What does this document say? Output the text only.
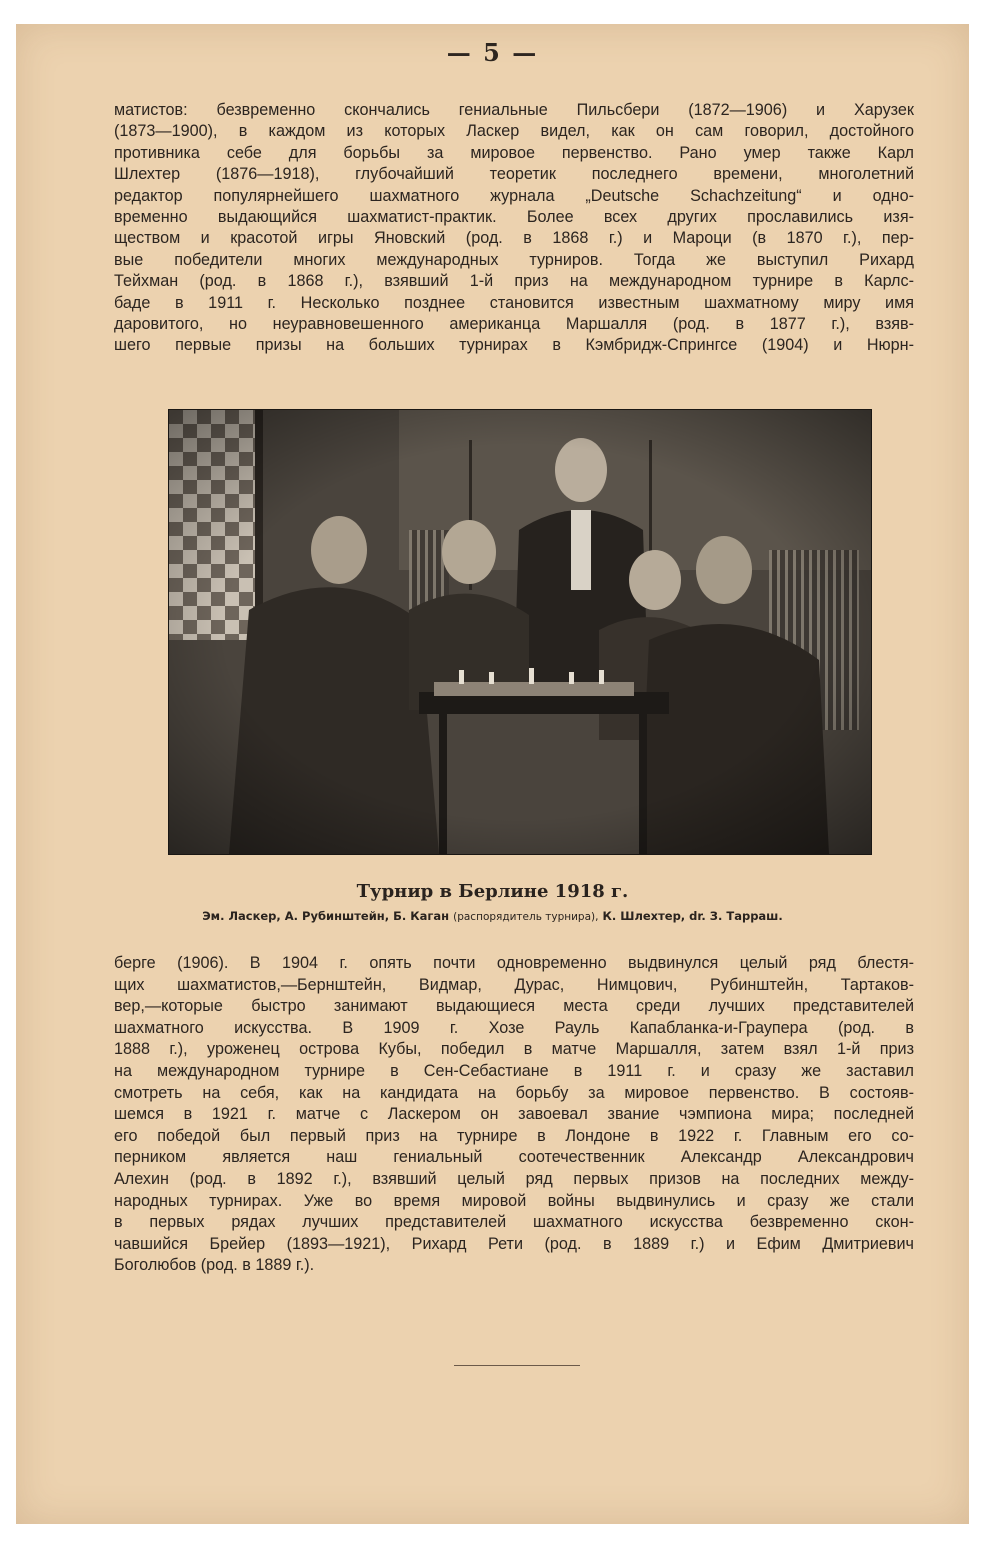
— 5 —
матистов: безвременно скончались гениальные Пильсбери (1872—1906) и Харузек
(1873—1900), в каждом из которых Ласкер видел, как он сам говорил, достойного
противника себе для борьбы за мировое первенство. Рано умер также Карл
Шлехтер (1876—1918), глубочайший теоретик последнего времени, многолетний
редактор популярнейшего шахматного журнала „Deutsche Schachzeitung“ и одно-
временно выдающийся шахматист-практик. Более всех других прославились изя-
ществом и красотой игры Яновский (род. в 1868 г.) и Мароци (в 1870 г.), пер-
вые победители многих международных турниров. Тогда же выступил Рихард
Тейхман (род. в 1868 г.), взявший 1-й приз на международном турнире в Карлс-
баде в 1911 г. Несколько позднее становится известным шахматному миру имя
даровитого, но неуравновешенного американца Маршалля (род. в 1877 г.), взяв-
шего первые призы на больших турнирах в Кэмбридж-Спрингсе (1904) и Нюрн-
Турнир в Берлине 1918 г.
Эм. Ласкер, А. Рубинштейн, Б. Каган (распорядитель турнира), К. Шлехтер, dr. З. Тарраш.
берге (1906). В 1904 г. опять почти одновременно выдвинулся целый ряд блестя-
щих шахматистов,—Бернштейн, Видмар, Дурас, Нимцович, Рубинштейн, Тартаков-
вер,—которые быстро занимают выдающиеся места среди лучших представителей
шахматного искусства. В 1909 г. Хозе Рауль Капабланка-и-Граупера (род. в
1888 г.), уроженец острова Кубы, победил в матче Маршалля, затем взял 1-й приз
на международном турнире в Сен-Себастиане в 1911 г. и сразу же заставил
смотреть на себя, как на кандидата на борьбу за мировое первенство. В состояв-
шемся в 1921 г. матче с Ласкером он завоевал звание чэмпиона мира; последней
его победой был первый приз на турнире в Лондоне в 1922 г. Главным его со-
перником является наш гениальный соотечественник Александр Александрович
Алехин (род. в 1892 г.), взявший целый ряд первых призов на последних между-
народных турнирах. Уже во время мировой войны выдвинулись и сразу же стали
в первых рядах лучших представителей шахматного искусства безвременно скон-
чавшийся Брейер (1893—1921), Рихард Рети (род. в 1889 г.) и Ефим Дмитриевич
Боголюбов (род. в 1889 г.).
